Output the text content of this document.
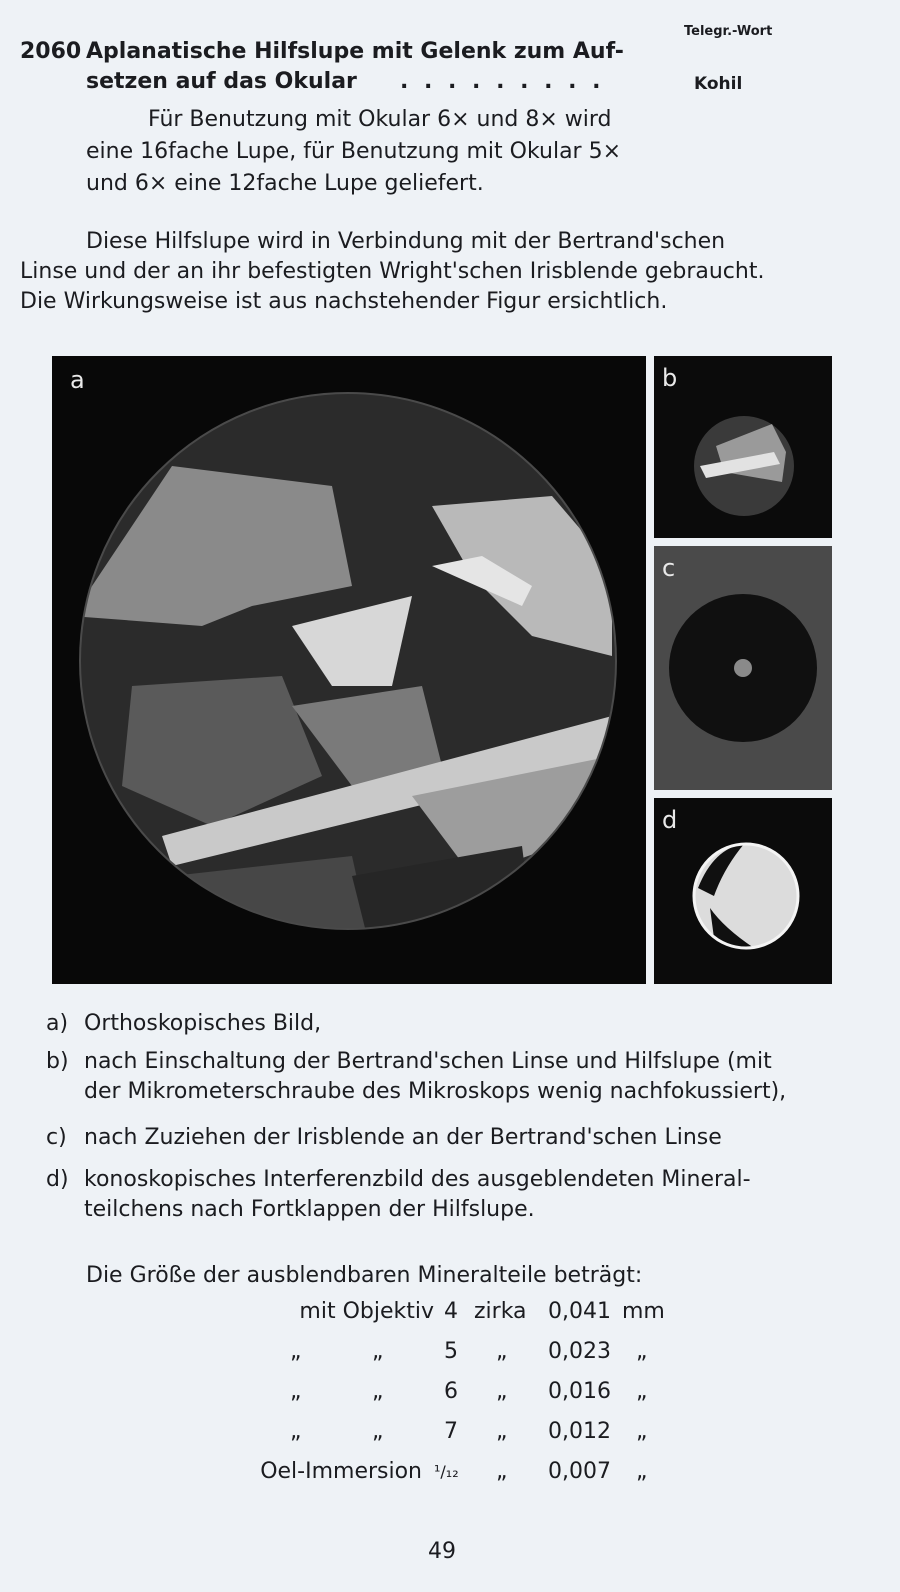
2060 Aplanatische Hilfslupe mit Gelenk zum Auf-
setzen auf das Okular . . . . . . . . .
Telegr.-Wort
Kohil
Für Benutzung mit Okular 6× und 8× wird
eine 16fache Lupe, für Benutzung mit Okular 5×
und 6× eine 12fache Lupe geliefert.
Diese Hilfslupe wird in Verbindung mit der Bertrand'schen
Linse und der an ihr befestigten Wright'schen Irisblende gebraucht.
Die Wirkungsweise ist aus nachstehender Figur ersichtlich.
a	b
c
d
a) Orthoskopisches Bild,
b) nach Einschaltung der Bertrand'schen Linse und Hilfslupe (mit
der Mikrometerschraube des Mikroskops wenig nachfokussiert),
c) nach Zuziehen der Irisblende an der Bertrand'schen Linse
d) konoskopisches Interferenzbild des ausgeblendeten Mineral-
teilchens nach Fortklappen der Hilfslupe.
Die Größe der ausblendbaren Mineralteile beträgt:
mit Objektiv 4 zirka 0,041 mm
„	„	5 „ 0,023 „
„	„	6 „ 0,016 „
„	„	7 „ 0,012 „
Oel-Immersion ¹/₁₂ „ 0,007 „
49
